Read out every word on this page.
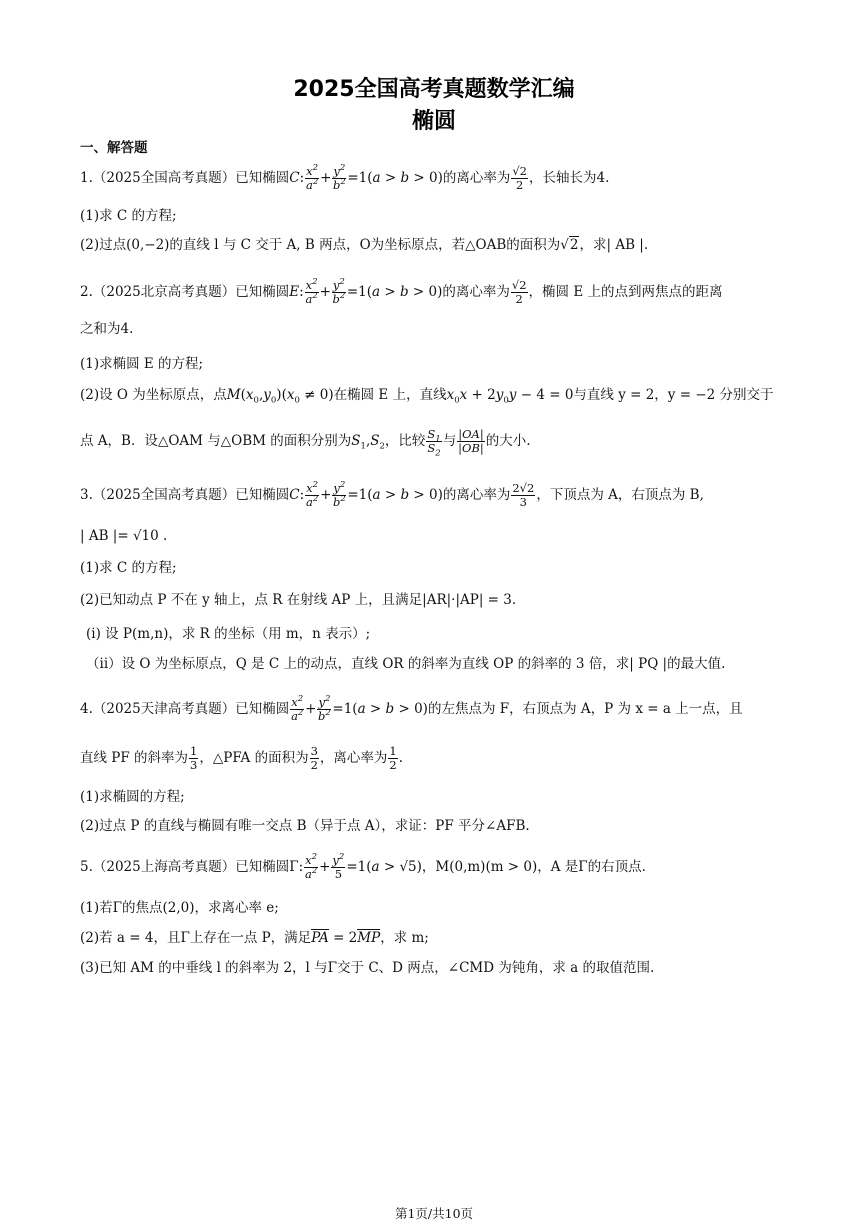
2025全国高考真题数学汇编
椭圆
一、解答题
1.（2025全国高考真题）已知椭圆C: $\frac{x^2}{a^2} + \frac{y^2}{b^2} =1(a > b > 0)$的离心率为 $\frac{√2}{2}$ ，长轴长为4.
(1)求 C 的方程;
(2)过点(0,−2)的直线 l 与 C 交于 A, B 两点，O为坐标原点，若△OAB的面积为√2，求| AB |.
2.（2025北京高考真题）已知椭圆E: $\frac{x^2}{a^2} + \frac{y^2}{b^2} =1(a > b > 0)$的离心率为 $\frac{√2}{2}$ ，椭圆 E 上的点到两焦点的距离
之和为4.
(1)求椭圆 E 的方程;
(2)设 O 为坐标原点，点$M(x_0,y_0)(x_0 \ne 0)$在椭圆 E 上，直线$x_0x + 2y_0y - 4 = 0$与直线 y = 2，y = −2 分别交于
点 A，B．设△OAM 与△OBM 的面积分别为$S_1,S_2$，比较 $\frac{S_1}{S_2}$ 与 $\frac{|OA|}{|OB|}$ 的大小.
3.（2025全国高考真题）已知椭圆C: $\frac{x^2}{a^2} + \frac{y^2}{b^2} =1(a > b > 0)$的离心率为 $\frac{2√2}{3}$ ，下顶点为 A，右顶点为 B,
| AB |= √10 .
(1)求 C 的方程;
(2)已知动点 P 不在 y 轴上，点 R 在射线 AP 上，且满足|AR|·|AP| = 3.
(i) 设 P(m,n)，求 R 的坐标（用 m，n 表示）;
（ii）设 O 为坐标原点，Q 是 C 上的动点，直线 OR 的斜率为直线 OP 的斜率的 3 倍，求| PQ |的最大值.
4.（2025天津高考真题）已知椭圆 $\frac{x^2}{a^2} + \frac{y^2}{b^2} =1(a > b > 0)$的左焦点为 F，右顶点为 A，P 为 x = a 上一点，且
直线 PF 的斜率为 $\frac{1}{3}$ ，△PFA 的面积为 $\frac{3}{2}$ ，离心率为 $\frac{1}{2}$ .
(1)求椭圆的方程;
(2)过点 P 的直线与椭圆有唯一交点 B（异于点 A），求证：PF 平分∠AFB.
5.（2025上海高考真题）已知椭圆Γ: $\frac{x^2}{a^2} + \frac{y^2}{5} =1(a > √5)$，M(0,m)(m > 0)，A 是Γ的右顶点.
(1)若Γ的焦点(2,0)，求离心率 e;
(2)若 a = 4，且Γ上存在一点 P，满足PA = 2MP，求 m;
(3)已知 AM 的中垂线 l 的斜率为 2，l 与Γ交于 C、D 两点，∠CMD 为钝角，求 a 的取值范围.
第1页/共10页
